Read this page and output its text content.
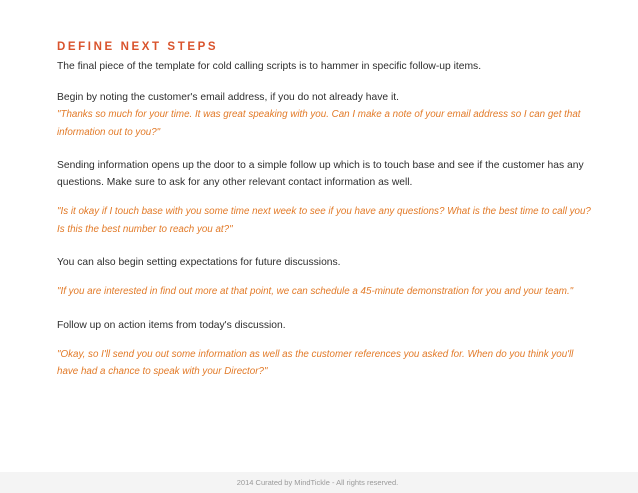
DEFINE NEXT STEPS

The final piece of the template for cold calling scripts is to hammer in specific follow-up items.

Begin by noting the customer's email address, if you do not already have it.

"Thanks so much for your time. It was great speaking with you. Can I make a note of your email address so I can get that information out to you?"

Sending information opens up the door to a simple follow up which is to touch base and see if the customer has any questions. Make sure to ask for any other relevant contact information as well.

"Is it okay if I touch base with you some time next week to see if you have any questions? What is the best time to call you? Is this the best number to reach you at?"

You can also begin setting expectations for future discussions.

"If you are interested in find out more at that point, we can schedule a 45-minute demonstration for you and your team."

Follow up on action items from today's discussion.

"Okay, so I'll send you out some information as well as the customer references you asked for. When do you think you'll have had a chance to speak with your Director?"

2014 Curated by MindTickle - All rights reserved.
